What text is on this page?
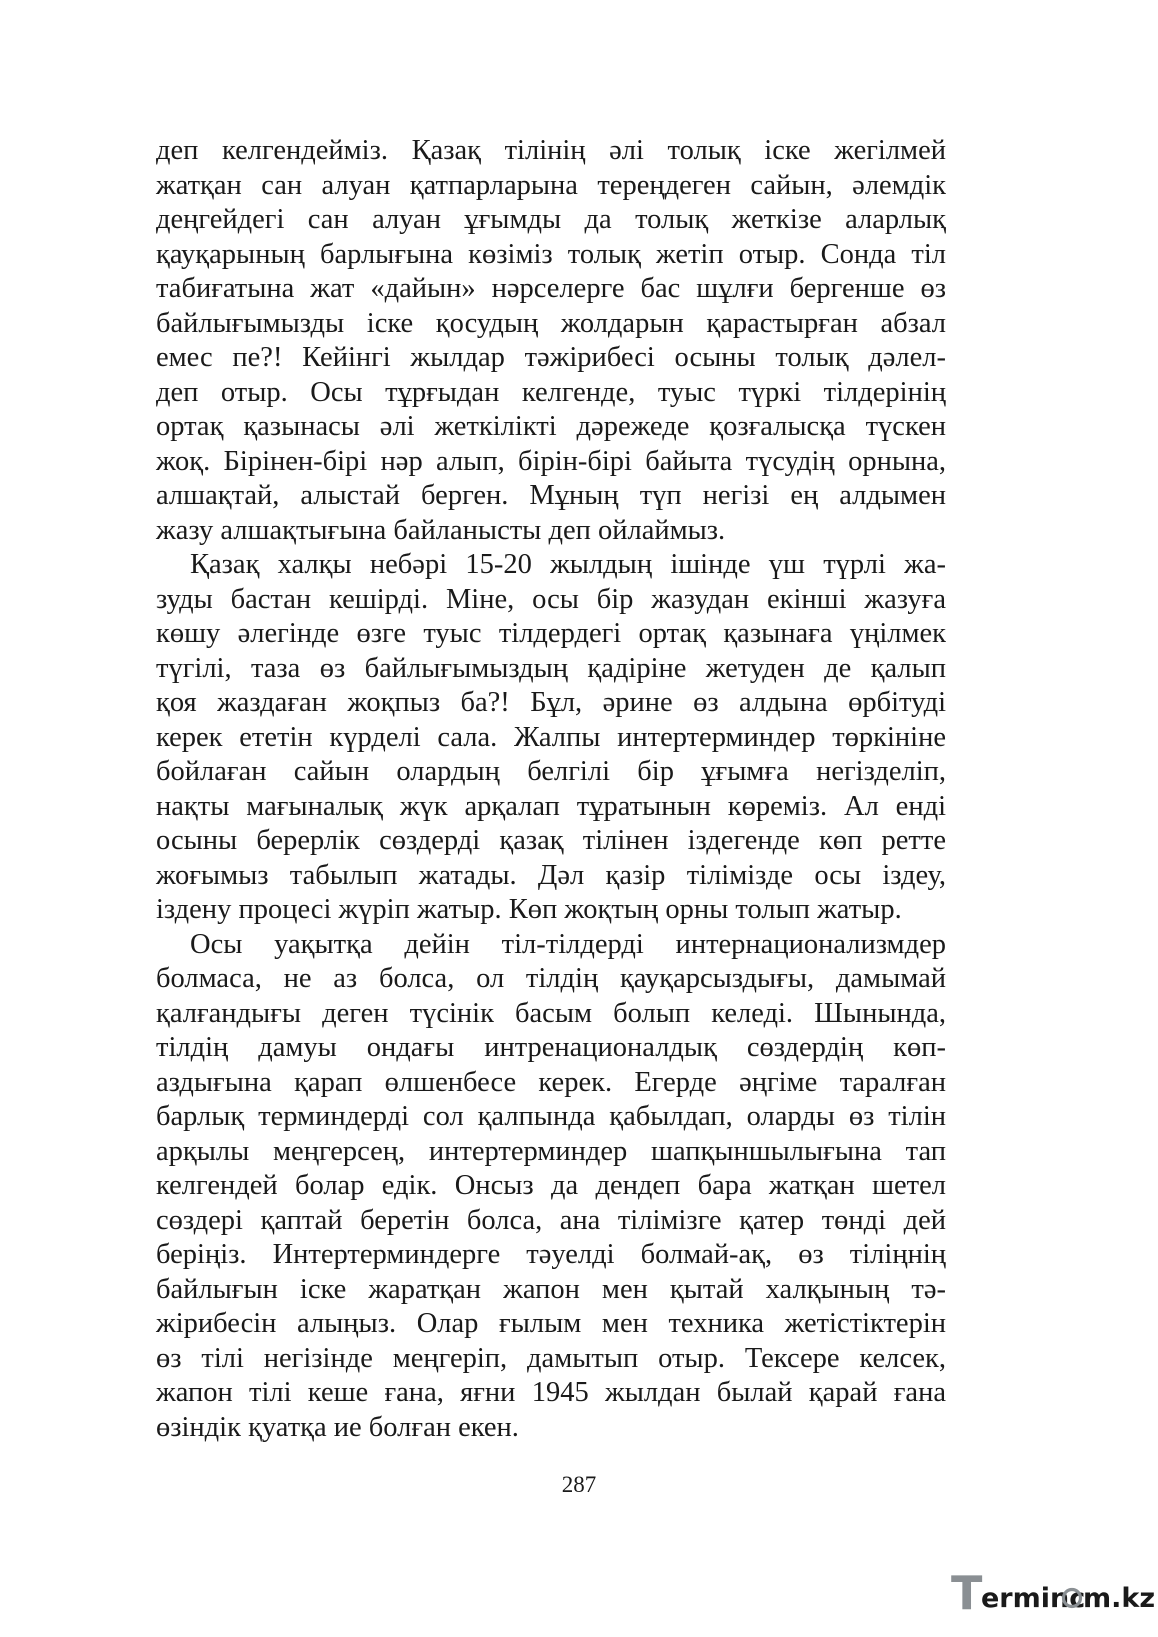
деп келгендейміз. Қазақ тілінің әлі толық іске жегілмей
жатқан сан алуан қатпарларына тереңдеген сайын, әлемдік
деңгейдегі сан алуан ұғымды да толық жеткізе аларлық
қауқарының барлығына көзіміз толық жетіп отыр. Сонда тіл
табиғатына жат «дайын» нәрселерге бас шұлғи бергенше өз
байлығымызды іске қосудың жолдарын қарастырған абзал
емес пе?! Кейінгі жылдар тәжірибесі осыны толық дәлел-
деп отыр. Осы тұрғыдан келгенде, туыс түркі тілдерінің
ортақ қазынасы әлі жеткілікті дәрежеде қозғалысқа түскен
жоқ. Бірінен-бірі нәр алып, бірін-бірі байыта түсудің орнына,
алшақтай, алыстай берген. Мұның түп негізі ең алдымен
жазу алшақтығына байланысты деп ойлаймыз.
Қазақ халқы небәрі 15-20 жылдың ішінде үш түрлі жа-
зуды бастан кешірді. Міне, осы бір жазудан екінші жазуға
көшу әлегінде өзге туыс тілдердегі ортақ қазынаға үңілмек
түгілі, таза өз байлығымыздың қадіріне жетуден де қалып
қоя жаздаған жоқпыз ба?! Бұл, әрине өз алдына өрбітуді
керек ететін күрделі сала. Жалпы интертерминдер төркініне
бойлаған сайын олардың белгілі бір ұғымға негізделіп,
нақты мағыналық жүк арқалап тұратынын көреміз. Ал енді
осыны берерлік сөздерді қазақ тілінен іздегенде көп ретте
жоғымыз табылып жатады. Дәл қазір тілімізде осы іздеу,
іздену процесі жүріп жатыр. Көп жоқтың орны толып жатыр.
Осы уақытқа дейін тіл-тілдерді интернационализмдер
болмаса, не аз болса, ол тілдің қауқарсыздығы, дамымай
қалғандығы деген түсінік басым болып келеді. Шынында,
тілдің дамуы ондағы интренационалдық сөздердің көп-
аздығына қарап өлшенбесе керек. Егерде әңгіме таралған
барлық терминдерді сол қалпында қабылдап, оларды өз тілін
арқылы меңгерсең, интертерминдер шапқыншылығына тап
келгендей болар едік. Онсыз да дендеп бара жатқан шетел
сөздері қаптай беретін болса, ана тілімізге қатер төнді дей
беріңіз. Интертерминдерге тәуелді болмай-ақ, өз тіліңнің
байлығын іске жаратқан жапон мен қытай халқының тә-
жірибесін алыңыз. Олар ғылым мен техника жетістіктерін
өз тілі негізінде меңгеріп, дамытып отыр. Тексере келсек,
жапон тілі кеше ғана, яғни 1945 жылдан былай қарай ғана
өзіндік қуатқа ие болған екен.
287
T
erminc
m.kz
